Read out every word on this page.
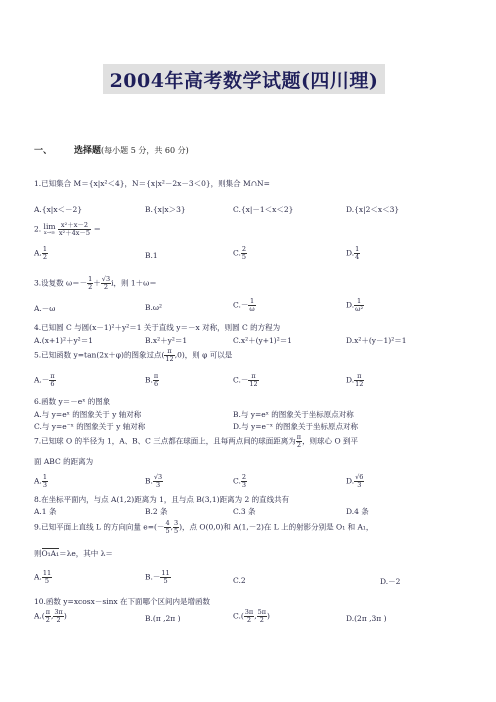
2004年高考数学试题(四川理)
一、 选择题(每小题 5 分，共 60 分)
1.已知集合 M＝{x|x²＜4}，N＝{x|x²－2x－3＜0}，则集合 M∩N=
A.{x|x＜－2}	B.{x|x＞3}	C.{x|－1＜x＜2}	D.{x|2＜x＜3}
2. lim
x→∞
$\frac{\text{x²＋x－2}}{\text{x²＋4x－5}}$ ＝
A. $\frac{1}{2}$	B.1	C. $\frac{2}{5}$	D. $\frac{1}{4}$
3.设复数 $\omega=- \frac{1}{2} + \frac{√3}{2}$ i，则 1＋ω＝
A.－ω	B.ω²	$C.- \frac{1}{\omega}$	D. $\frac{1}{\text{ω²}}$
4.已知圆 C 与圆(x－1)²＋y²＝1 关于直线 y＝－x 对称，则圆 C 的方程为
A.(x+1)²＋y²＝1	B.x²＋y²＝1	C.x²＋(y+1)²＝1	D.x²＋(y－1)²＝1
5.已知函数 y=tan(2x＋φ)的图象过点( $\frac{\pi}{12} ,0$)，则 φ 可以是
$A.- \frac{\pi}{6}$	B. $\frac{\pi}{6}$	$C.- \frac{\pi}{12}$	D. $\frac{\pi}{12}$
6.函数 y＝－eˣ 的图象
A.与 y=eˣ 的图象关于 y 轴对称	B.与 y=eˣ 的图象关于坐标原点对称
C.与 y=e⁻ˣ 的图象关于 y 轴对称	D.与 y=e⁻ˣ 的图象关于坐标原点对称
7.已知球 O 的半径为 1，A、B、C 三点都在球面上，且每两点间的球面距离为 $\frac{\pi}{2}$ ，则球心 O 到平
面 ABC 的距离为
A. $\frac{1}{3}$	B. $\frac{√3}{3}$	C. $\frac{2}{3}$	D. $\frac{√6}{3}$
8.在坐标平面内，与点 A(1,2)距离为 1，且与点 B(3,1)距离为 2 的直线共有
A.1 条	B.2 条	C.3 条	D.4 条
9.已知平面上直线 L 的方向向量 $e=(- \frac{4}{5}$ , $\frac{3}{5}$ )，点 O(0,0)和 A(1,－2)在 L 上的射影分别是 O₁ 和 A₁，
则O₁A₁＝λe，其中 λ＝
A. $\frac{11}{5}$	$B.- \frac{11}{5}$	C.2	D.－2
10.函数 y=xcosx－sinx 在下面哪个区间内是增函数
$A.( \frac{\pi}{2}$ , $\frac{3\pi}{2}$ )	B.(π ,2π )	$C.( \frac{3\pi}{2}$ , $\frac{5\pi}{2}$ )	D.(2π ,3π )
